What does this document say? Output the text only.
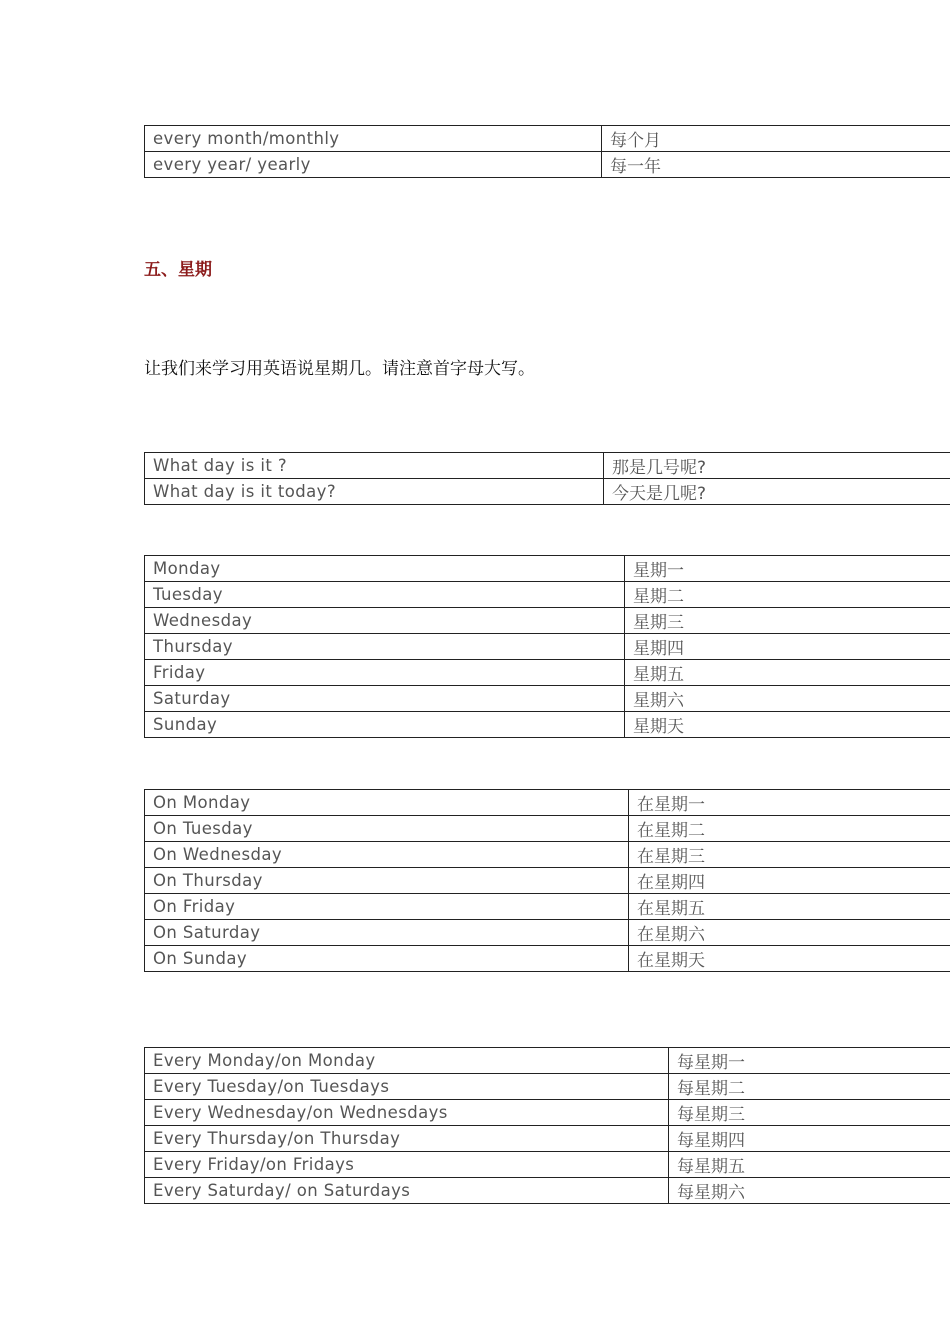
every month/monthly	每个月
every year/ yearly	每一年
五、星期

让我们来学习用英语说星期几。请注意首字母大写。

What day is it ?	那是几号呢?
What day is it today?	今天是几呢?
Monday	星期一
Tuesday	星期二
Wednesday	星期三
Thursday	星期四
Friday	星期五
Saturday	星期六
Sunday	星期天
On Monday	在星期一
On Tuesday	在星期二
On Wednesday	在星期三
On Thursday	在星期四
On Friday	在星期五
On Saturday	在星期六
On Sunday	在星期天
Every Monday/on Monday	每星期一
Every Tuesday/on Tuesdays	每星期二
Every Wednesday/on Wednesdays	每星期三
Every Thursday/on Thursday	每星期四
Every Friday/on Fridays	每星期五
Every Saturday/ on Saturdays	每星期六
